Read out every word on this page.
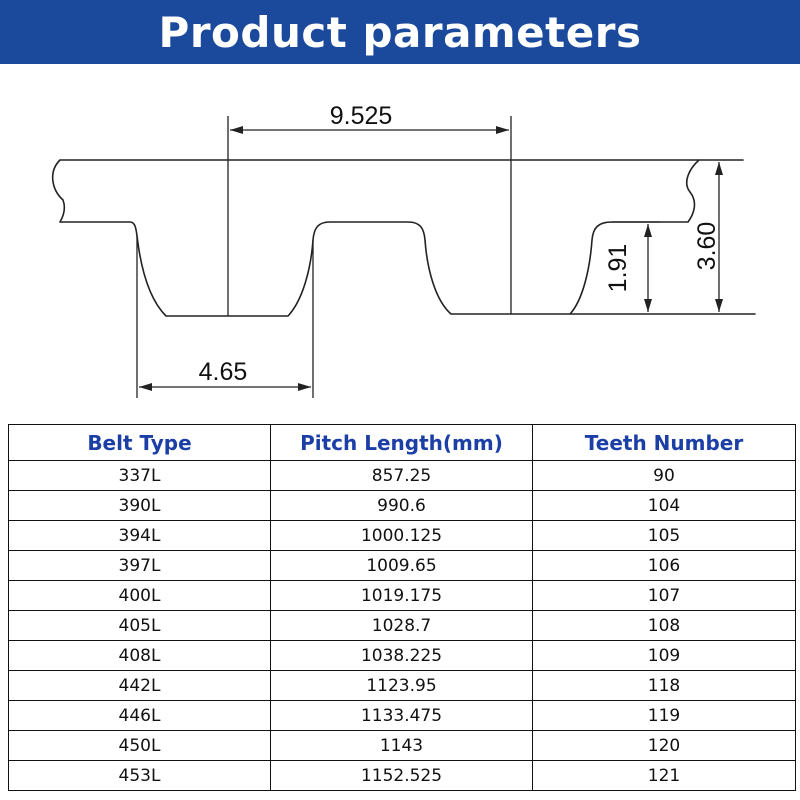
Product parameters
9.525
4.65
1.91 3.60
Belt Type	Pitch Length(mm)	Teeth Number
337L	857.25	90
390L	990.6	104
394L	1000.125	105
397L	1009.65	106
400L	1019.175	107
405L	1028.7	108
408L	1038.225	109
442L	1123.95	118
446L	1133.475	119
450L	1143	120
453L	1152.525	121
